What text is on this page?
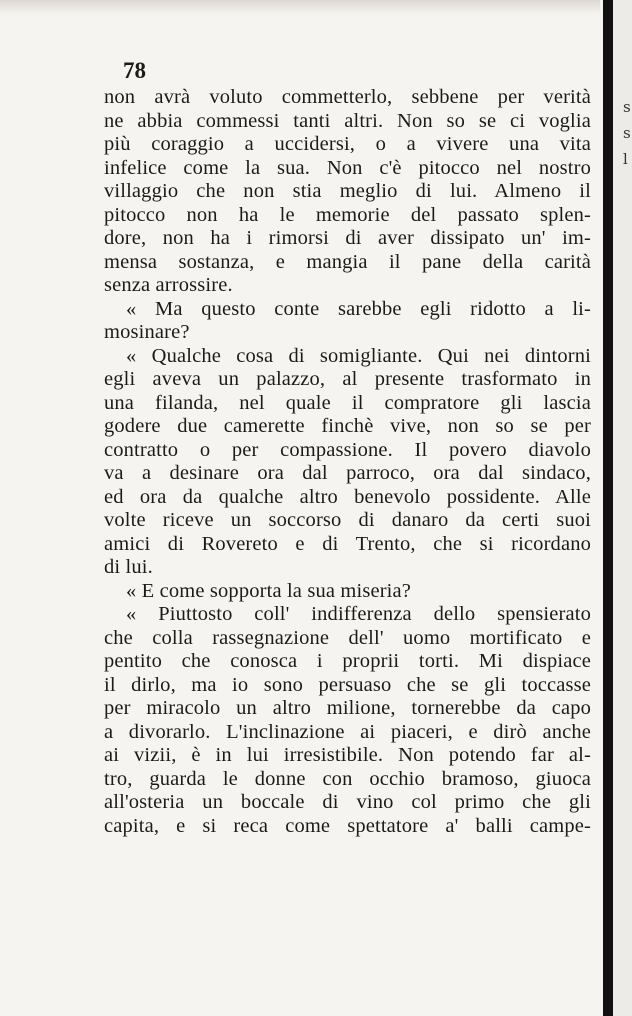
78
non avrà voluto commetterlo, sebbene per verità
ne abbia commessi tanti altri. Non so se ci voglia
più coraggio a uccidersi, o a vivere una vita
infelice come la sua. Non c'è pitocco nel nostro
villaggio che non stia meglio di lui. Almeno il
pitocco non ha le memorie del passato splen-
dore, non ha i rimorsi di aver dissipato un' im-
mensa sostanza, e mangia il pane della carità
senza arrossire.
« Ma questo conte sarebbe egli ridotto a li-
mosinare?
« Qualche cosa di somigliante. Qui nei dintorni
egli aveva un palazzo, al presente trasformato in
una filanda, nel quale il compratore gli lascia
godere due camerette finchè vive, non so se per
contratto o per compassione. Il povero diavolo
va a desinare ora dal parroco, ora dal sindaco,
ed ora da qualche altro benevolo possidente. Alle
volte riceve un soccorso di danaro da certi suoi
amici di Rovereto e di Trento, che si ricordano
di lui.
« E come sopporta la sua miseria?
« Piuttosto coll' indifferenza dello spensierato
che colla rassegnazione dell' uomo mortificato e
pentito che conosca i proprii torti. Mi dispiace
il dirlo, ma io sono persuaso che se gli toccasse
per miracolo un altro milione, tornerebbe da capo
a divorarlo. L'inclinazione ai piaceri, e dirò anche
ai vizii, è in lui irresistibile. Non potendo far al-
tro, guarda le donne con occhio bramoso, giuoca
all'osteria un boccale di vino col primo che gli
capita, e si reca come spettatore a' balli campe-
s
s
l
